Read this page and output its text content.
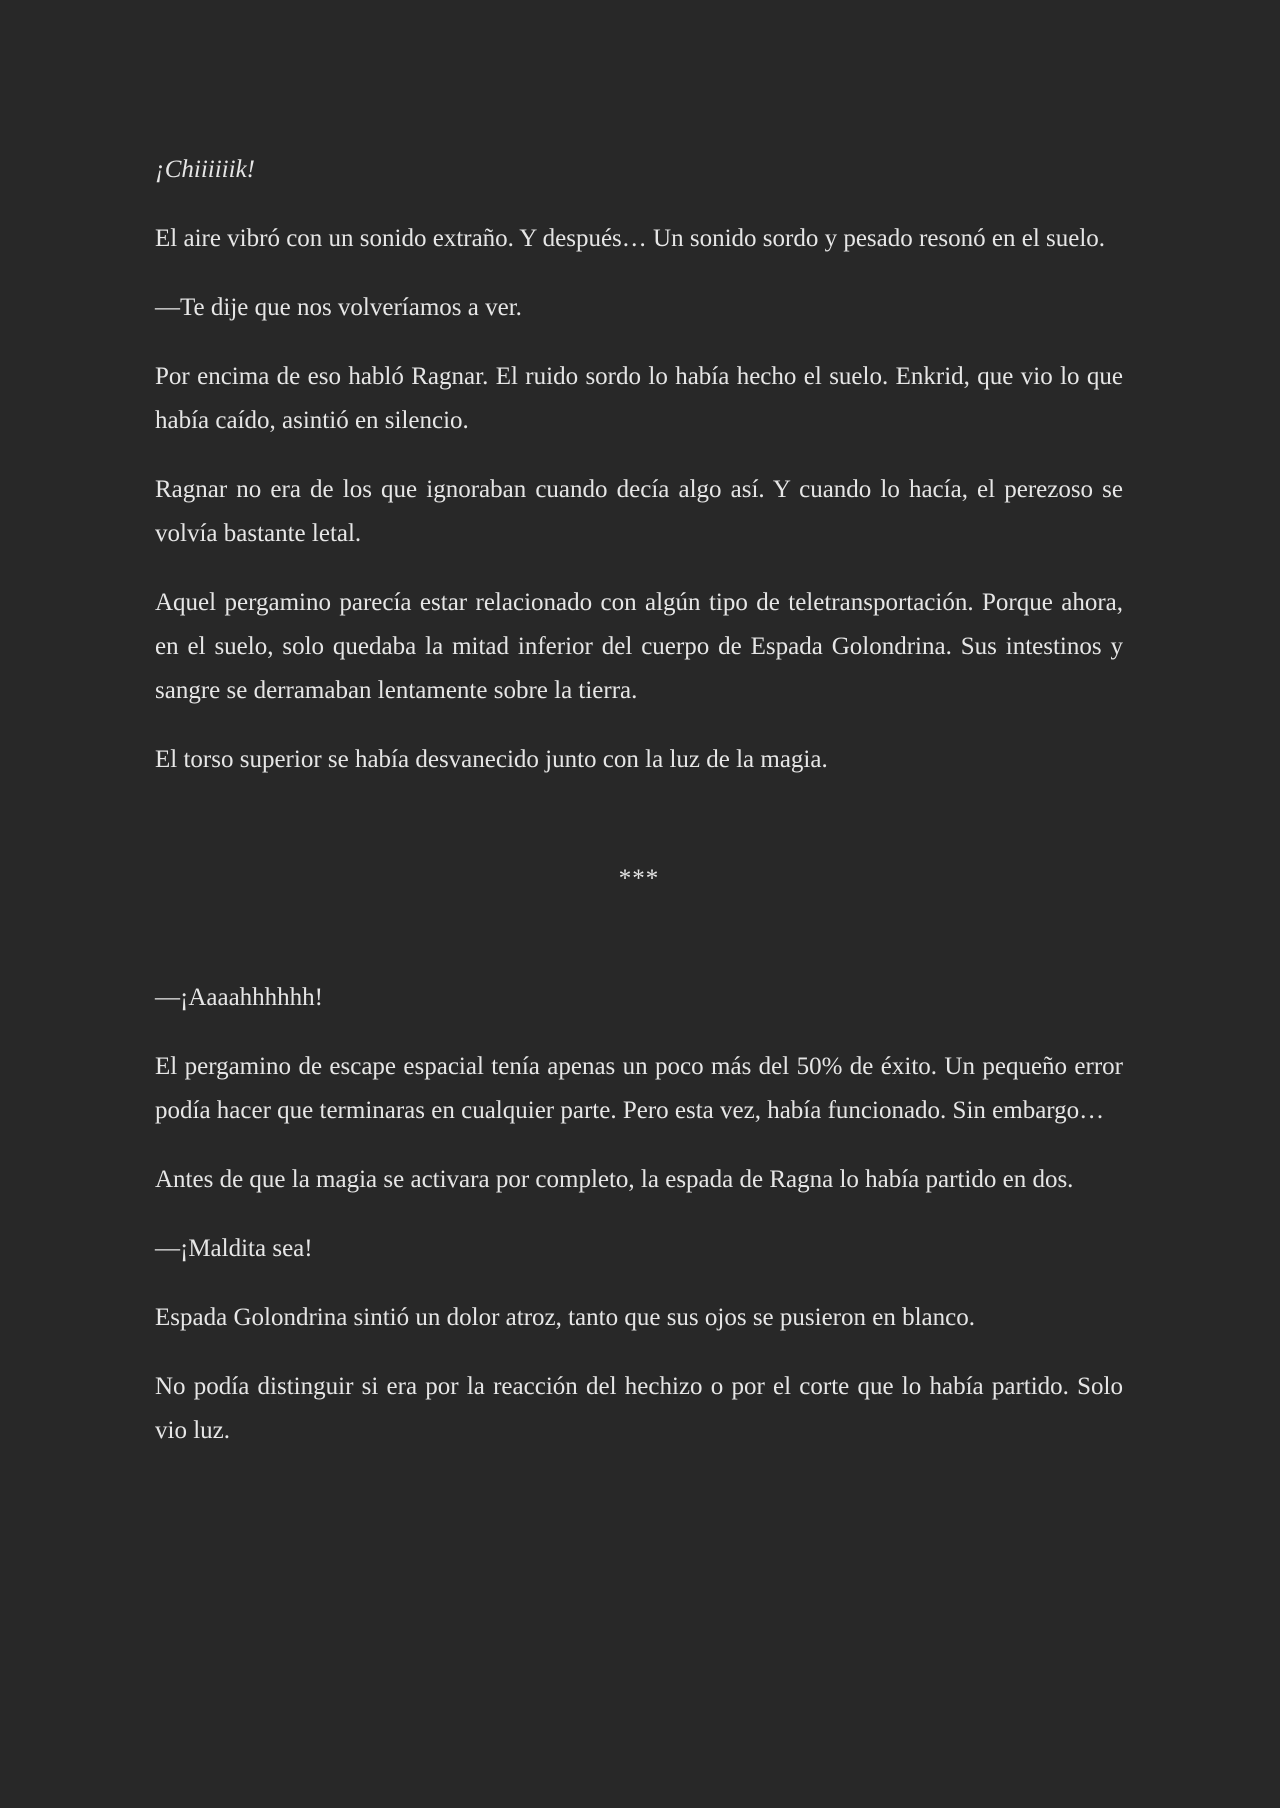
¡Chiiiiiik!

El aire vibró con un sonido extraño. Y después… Un sonido sordo y pesado resonó en el suelo.

—Te dije que nos volveríamos a ver.

Por encima de eso habló Ragnar. El ruido sordo lo había hecho el suelo. Enkrid, que vio lo que había caído, asintió en silencio.

Ragnar no era de los que ignoraban cuando decía algo así. Y cuando lo hacía, el perezoso se volvía bastante letal.

Aquel pergamino parecía estar relacionado con algún tipo de teletransportación. Porque ahora, en el suelo, solo quedaba la mitad inferior del cuerpo de Espada Golondrina. Sus intestinos y sangre se derramaban lentamente sobre la tierra.

El torso superior se había desvanecido junto con la luz de la magia.

***

—¡Aaaahhhhhh!

El pergamino de escape espacial tenía apenas un poco más del 50% de éxito. Un pequeño error podía hacer que terminaras en cualquier parte. Pero esta vez, había funcionado. Sin embargo…

Antes de que la magia se activara por completo, la espada de Ragna lo había partido en dos.

—¡Maldita sea!

Espada Golondrina sintió un dolor atroz, tanto que sus ojos se pusieron en blanco.

No podía distinguir si era por la reacción del hechizo o por el corte que lo había partido. Solo vio luz.
